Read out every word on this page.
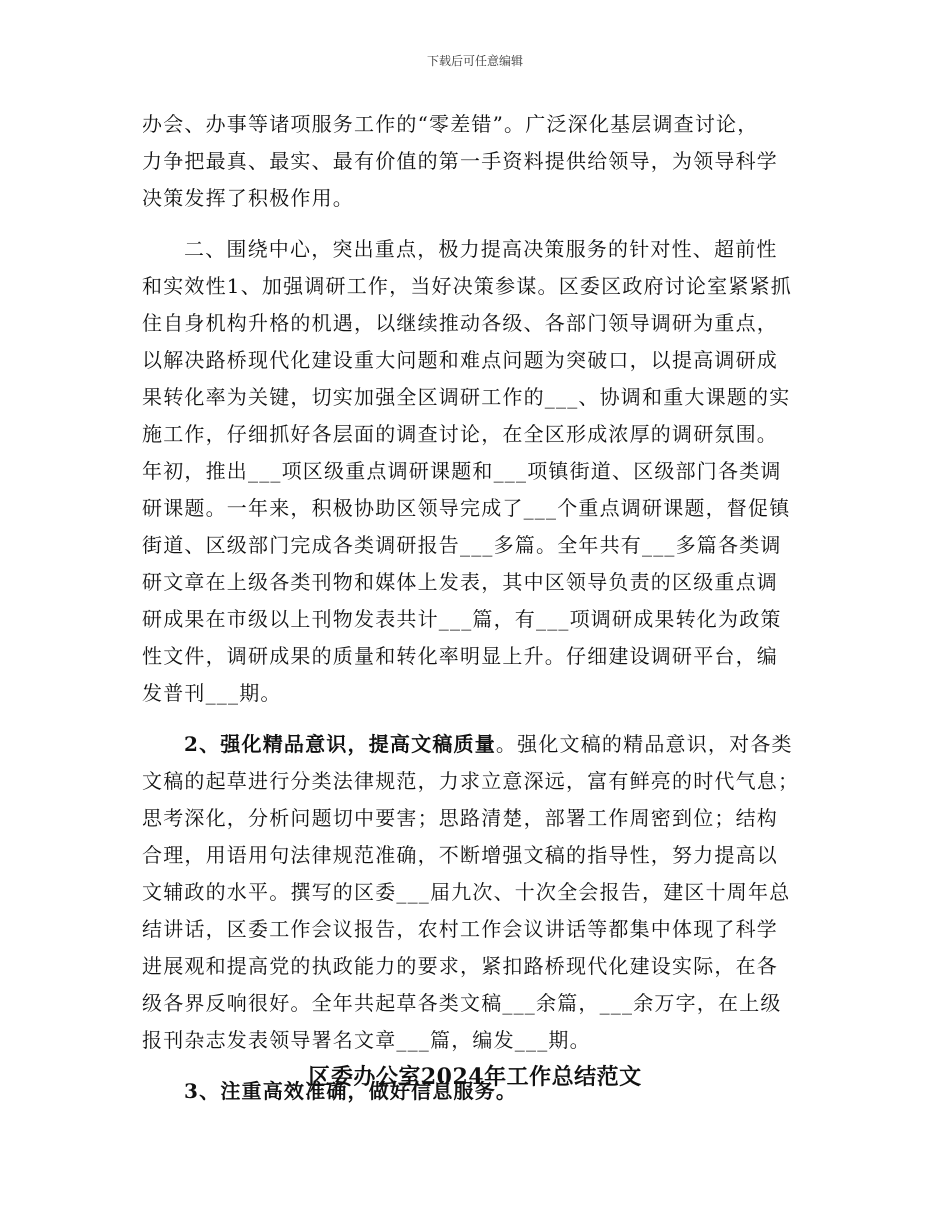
下载后可任意编辑
办会、办事等诸项服务工作的“零差错”。广泛深化基层调查讨论，
力争把最真、最实、最有价值的第一手资料提供给领导，为领导科学
决策发挥了积极作用。
二、围绕中心，突出重点，极力提高决策服务的针对性、超前性
和实效性1、加强调研工作，当好决策参谋。区委区政府讨论室紧紧抓
住自身机构升格的机遇，以继续推动各级、各部门领导调研为重点，
以解决路桥现代化建设重大问题和难点问题为突破口，以提高调研成
果转化率为关键，切实加强全区调研工作的___、协调和重大课题的实
施工作，仔细抓好各层面的调查讨论，在全区形成浓厚的调研氛围。
年初，推出___项区级重点调研课题和___项镇街道、区级部门各类调
研课题。一年来，积极协助区领导完成了___个重点调研课题，督促镇
街道、区级部门完成各类调研报告___多篇。全年共有___多篇各类调
研文章在上级各类刊物和媒体上发表，其中区领导负责的区级重点调
研成果在市级以上刊物发表共计___篇，有___项调研成果转化为政策
性文件，调研成果的质量和转化率明显上升。仔细建设调研平台，编
发普刊___期。
2、强化精品意识，提高文稿质量。强化文稿的精品意识，对各类
文稿的起草进行分类法律规范，力求立意深远，富有鲜亮的时代气息；
思考深化，分析问题切中要害；思路清楚，部署工作周密到位；结构
合理，用语用句法律规范准确，不断增强文稿的指导性，努力提高以
文辅政的水平。撰写的区委___届九次、十次全会报告，建区十周年总
结讲话，区委工作会议报告，农村工作会议讲话等都集中体现了科学
进展观和提高党的执政能力的要求，紧扣路桥现代化建设实际，在各
级各界反响很好。全年共起草各类文稿___余篇，___余万字，在上级
报刊杂志发表领导署名文章___篇，编发___期。
3、注重高效准确，做好信息服务。
区委办公室2024年工作总结范文
